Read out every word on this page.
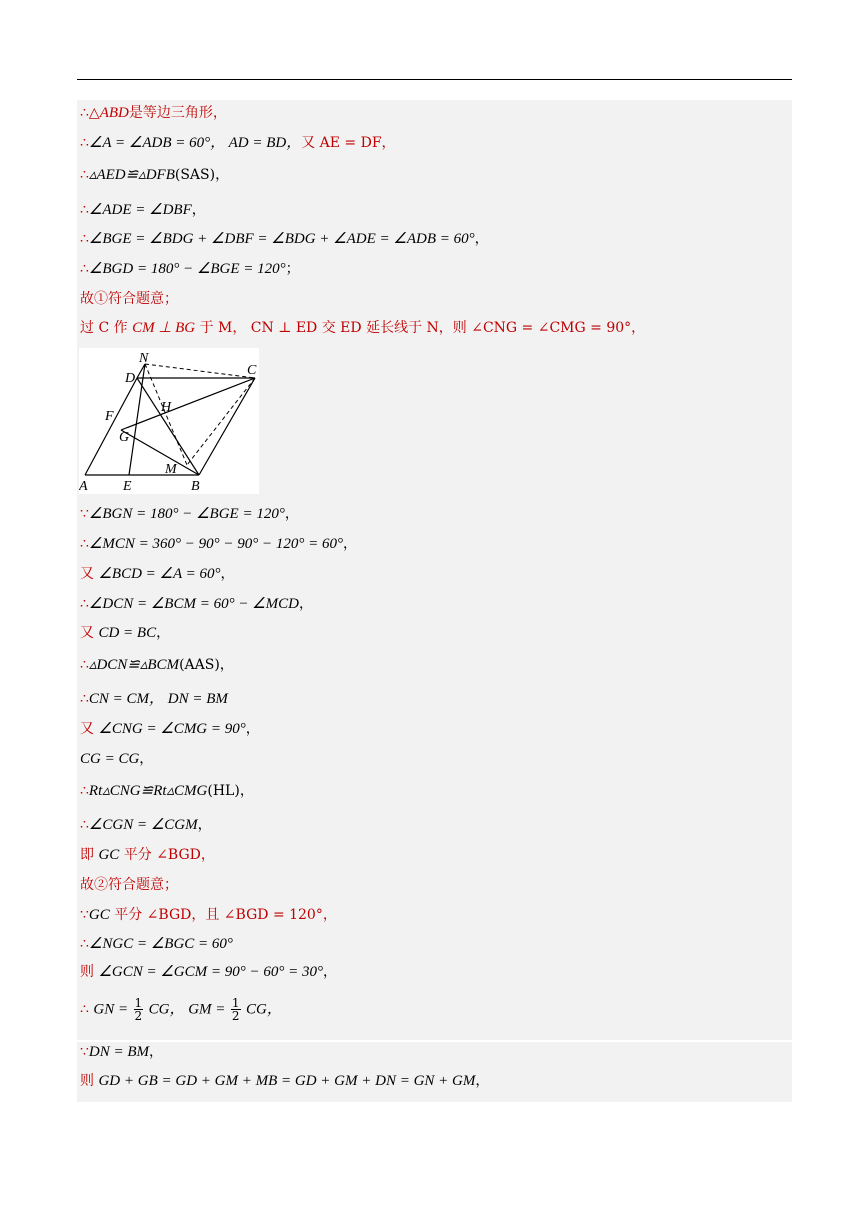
∴△ABD是等边三角形，
∴∠A = ∠ADB = 60°， AD = BD，又 AE = DF，
∴▵AED≌▵DFB(SAS)，
∴∠ADE = ∠DBF，
∴∠BGE = ∠BDG + ∠DBF = ∠BDG + ∠ADE = ∠ADB = 60°，
∴∠BGD = 180° − ∠BGE = 120°；
故①符合题意；
过 C 作 CM ⊥ BG 于 M， CN ⊥ ED 交 ED 延长线于 N，则 ∠CNG = ∠CMG = 90°，
N
D
C
F
H
G
M
A	E	B
∵∠BGN = 180° − ∠BGE = 120°，
∴∠MCN = 360° − 90° − 90° − 120° = 60°，
又 ∠BCD = ∠A = 60°，
∴∠DCN = ∠BCM = 60° − ∠MCD，
又 CD = BC，
∴▵DCN≌▵BCM(AAS)，
∴CN = CM， DN = BM
又 ∠CNG = ∠CMG = 90°，
CG = CG，
∴Rt▵CNG≌Rt▵CMG(HL)，
∴∠CGN = ∠CGM，
即 GC 平分 ∠BGD，
故②符合题意；
∵GC 平分 ∠BGD，且 ∠BGD = 120°，
∴∠NGC = ∠BGC = 60°
则 ∠GCN = ∠GCM = 90° − 60° = 30°，
∴ GN = $\frac{1}{2}$ CG， GM = $\frac{1}{2}$ CG，
∵DN = BM，
则 GD + GB = GD + GM + MB = GD + GM + DN = GN + GM，
